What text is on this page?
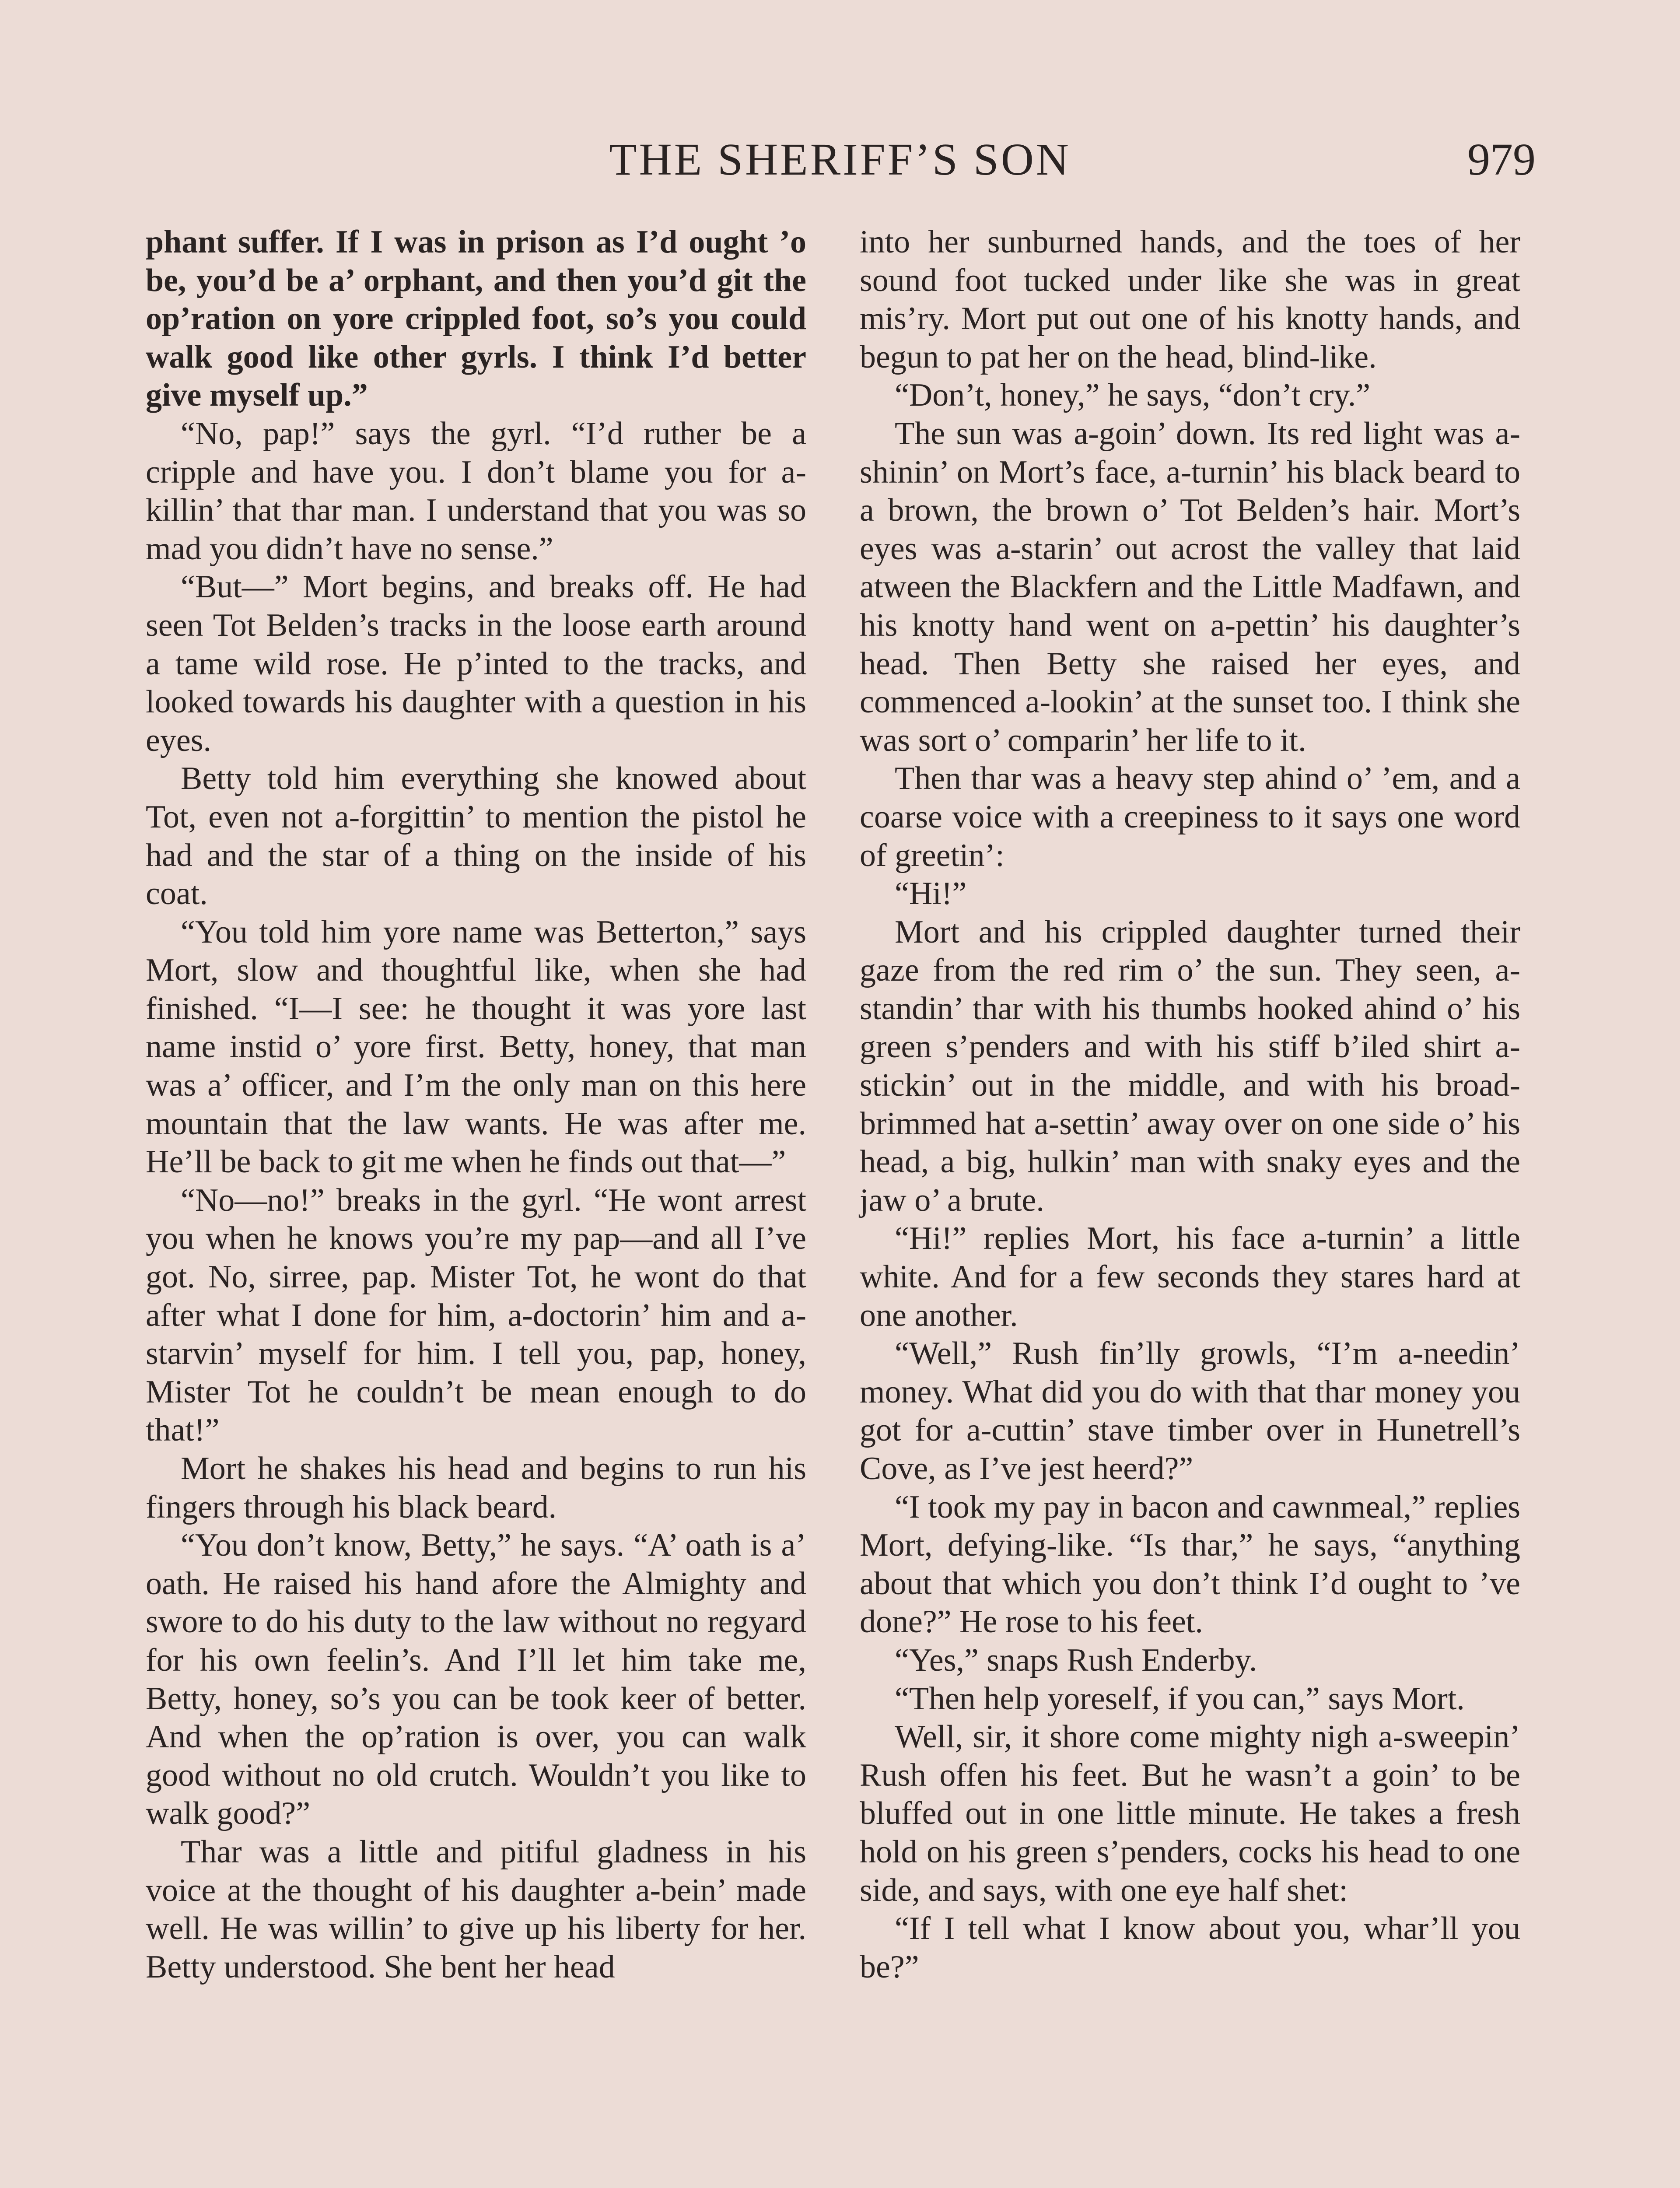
THE SHERIFF’S SON	979

phant suffer. If I was in prison as I’d ought ’o be, you’d be a’ orphant, and then you’d git the op’ration on yore crippled foot, so’s you could walk good like other gyrls. I think I’d better give myself up.”

“No, pap!” says the gyrl. “I’d ruther be a cripple and have you. I don’t blame you for a-killin’ that thar man. I understand that you was so mad you didn’t have no sense.”

“But—” Mort begins, and breaks off. He had seen Tot Belden’s tracks in the loose earth around a tame wild rose. He p’inted to the tracks, and looked towards his daughter with a question in his eyes.

Betty told him everything she knowed about Tot, even not a-forgittin’ to mention the pistol he had and the star of a thing on the inside of his coat.

“You told him yore name was Betterton,” says Mort, slow and thoughtful like, when she had finished. “I—I see: he thought it was yore last name instid o’ yore first. Betty, honey, that man was a’ officer, and I’m the only man on this here mountain that the law wants. He was after me. He’ll be back to git me when he finds out that—”

“No—no!” breaks in the gyrl. “He wont arrest you when he knows you’re my pap—and all I’ve got. No, sirree, pap. Mister Tot, he wont do that after what I done for him, a-doctorin’ him and a-starvin’ myself for him. I tell you, pap, honey, Mister Tot he couldn’t be mean enough to do that!”

Mort he shakes his head and begins to run his fingers through his black beard.

“You don’t know, Betty,” he says. “A’ oath is a’ oath. He raised his hand afore the Almighty and swore to do his duty to the law without no regyard for his own feelin’s. And I’ll let him take me, Betty, honey, so’s you can be took keer of better. And when the op’ration is over, you can walk good without no old crutch. Wouldn’t you like to walk good?”

Thar was a little and pitiful gladness in his voice at the thought of his daughter a-bein’ made well. He was willin’ to give up his liberty for her. Betty understood. She bent her head

into her sunburned hands, and the toes of her sound foot tucked under like she was in great mis’ry. Mort put out one of his knotty hands, and begun to pat her on the head, blind-like.

“Don’t, honey,” he says, “don’t cry.”

The sun was a-goin’ down. Its red light was a-shinin’ on Mort’s face, a-turnin’ his black beard to a brown, the brown o’ Tot Belden’s hair. Mort’s eyes was a-starin’ out acrost the valley that laid atween the Blackfern and the Little Madfawn, and his knotty hand went on a-pettin’ his daughter’s head. Then Betty she raised her eyes, and commenced a-lookin’ at the sunset too. I think she was sort o’ comparin’ her life to it.

Then thar was a heavy step ahind o’ ’em, and a coarse voice with a creepiness to it says one word of greetin’:

“Hi!”

Mort and his crippled daughter turned their gaze from the red rim o’ the sun. They seen, a-standin’ thar with his thumbs hooked ahind o’ his green s’penders and with his stiff b’iled shirt a-stickin’ out in the middle, and with his broad-brimmed hat a-settin’ away over on one side o’ his head, a big, hulkin’ man with snaky eyes and the jaw o’ a brute.

“Hi!” replies Mort, his face a-turnin’ a little white. And for a few seconds they stares hard at one another.

“Well,” Rush fin’lly growls, “I’m a-needin’ money. What did you do with that thar money you got for a-cuttin’ stave timber over in Hunetrell’s Cove, as I’ve jest heerd?”

“I took my pay in bacon and cawnmeal,” replies Mort, defying-like. “Is thar,” he says, “anything about that which you don’t think I’d ought to ’ve done?” He rose to his feet.

“Yes,” snaps Rush Enderby.

“Then help yoreself, if you can,” says Mort.

Well, sir, it shore come mighty nigh a-sweepin’ Rush offen his feet. But he wasn’t a goin’ to be bluffed out in one little minute. He takes a fresh hold on his green s’penders, cocks his head to one side, and says, with one eye half shet:

“If I tell what I know about you, whar’ll you be?”
